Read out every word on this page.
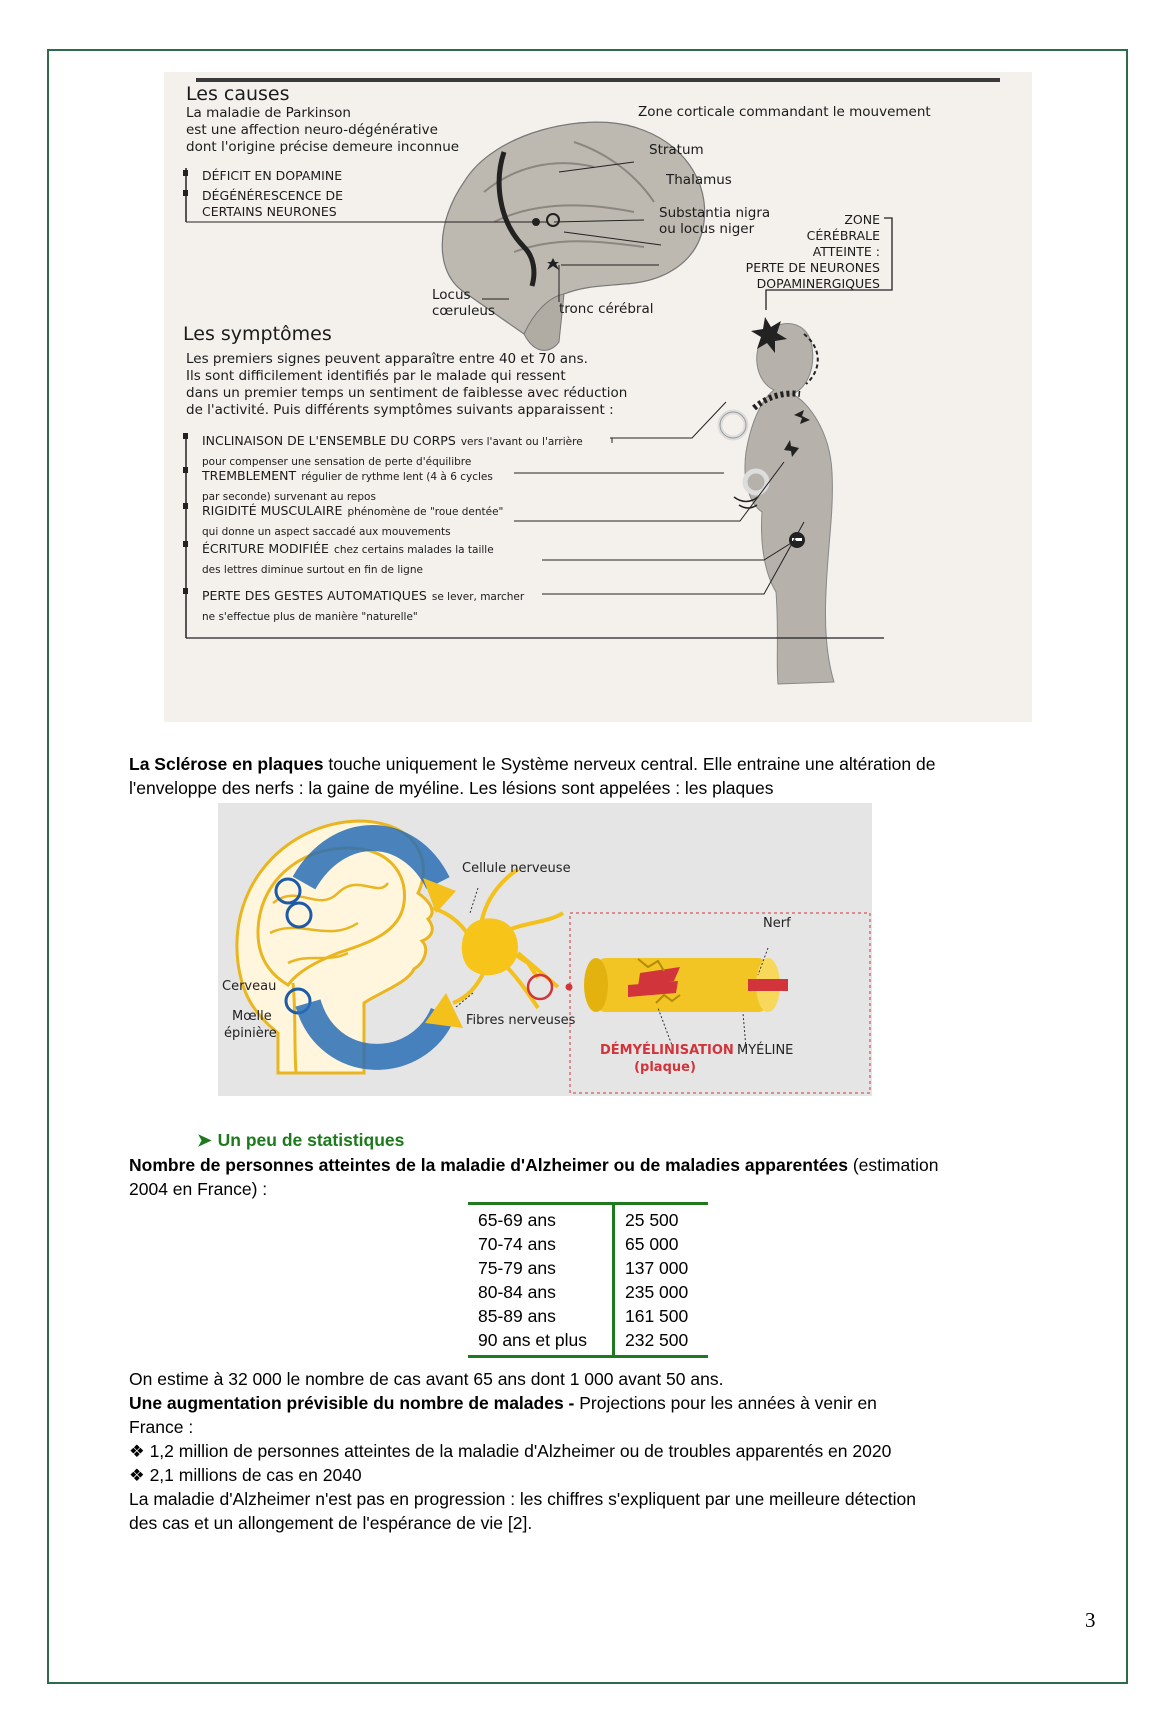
Les causes
La maladie de Parkinson
est une affection neuro-dégénérative
dont l'origine précise demeure inconnue
DÉFICIT EN DOPAMINE
DÉGÉNÉRESCENCE DE
CERTAINS NEURONES
Zone corticale commandant le mouvement
Stratum
Thalamus
Substantia nigra
ou locus niger
Locus
cœruleus	tronc cérébral
ZONE
CÉRÉBRALE
ATTEINTE :
PERTE DE NEURONES
DOPAMINERGIQUES
Les symptômes
Les premiers signes peuvent apparaître entre 40 et 70 ans.
Ils sont difficilement identifiés par le malade qui ressent
dans un premier temps un sentiment de faiblesse avec réduction
de l'activité. Puis différents symptômes suivants apparaissent :
INCLINAISON DE L'ENSEMBLE DU CORPS vers l'avant ou l'arrière
pour compenser une sensation de perte d'équilibre
TREMBLEMENT régulier de rythme lent (4 à 6 cycles
par seconde) survenant au repos
RIGIDITÉ MUSCULAIRE phénomène de "roue dentée"
qui donne un aspect saccadé aux mouvements
ÉCRITURE MODIFIÉE chez certains malades la taille
des lettres diminue surtout en fin de ligne
PERTE DES GESTES AUTOMATIQUES se lever, marcher
ne s'effectue plus de manière "naturelle"
La Sclérose en plaques touche uniquement le Système nerveux central. Elle entraine une altération de
l'enveloppe des nerfs : la gaine de myéline. Les lésions sont appelées : les plaques
Cellule nerveuse
Nerf
Cerveau
Mœlle
épinière
Fibres nerveuses
DÉMYÉLINISATION
(plaque)
MYÉLINE
➤ Un peu de statistiques
Nombre de personnes atteintes de la maladie d'Alzheimer ou de maladies apparentées (estimation
2004 en France) :
65-69 ans	25 500
70-74 ans	65 000
75-79 ans	137 000
80-84 ans	235 000
85-89 ans	161 500
90 ans et plus	232 500
On estime à 32 000 le nombre de cas avant 65 ans dont 1 000 avant 50 ans.
Une augmentation prévisible du nombre de malades - Projections pour les années à venir en
France :
❖ 1,2 million de personnes atteintes de la maladie d'Alzheimer ou de troubles apparentés en 2020
❖ 2,1 millions de cas en 2040
La maladie d'Alzheimer n'est pas en progression : les chiffres s'expliquent par une meilleure détection
des cas et un allongement de l'espérance de vie [2].
3
